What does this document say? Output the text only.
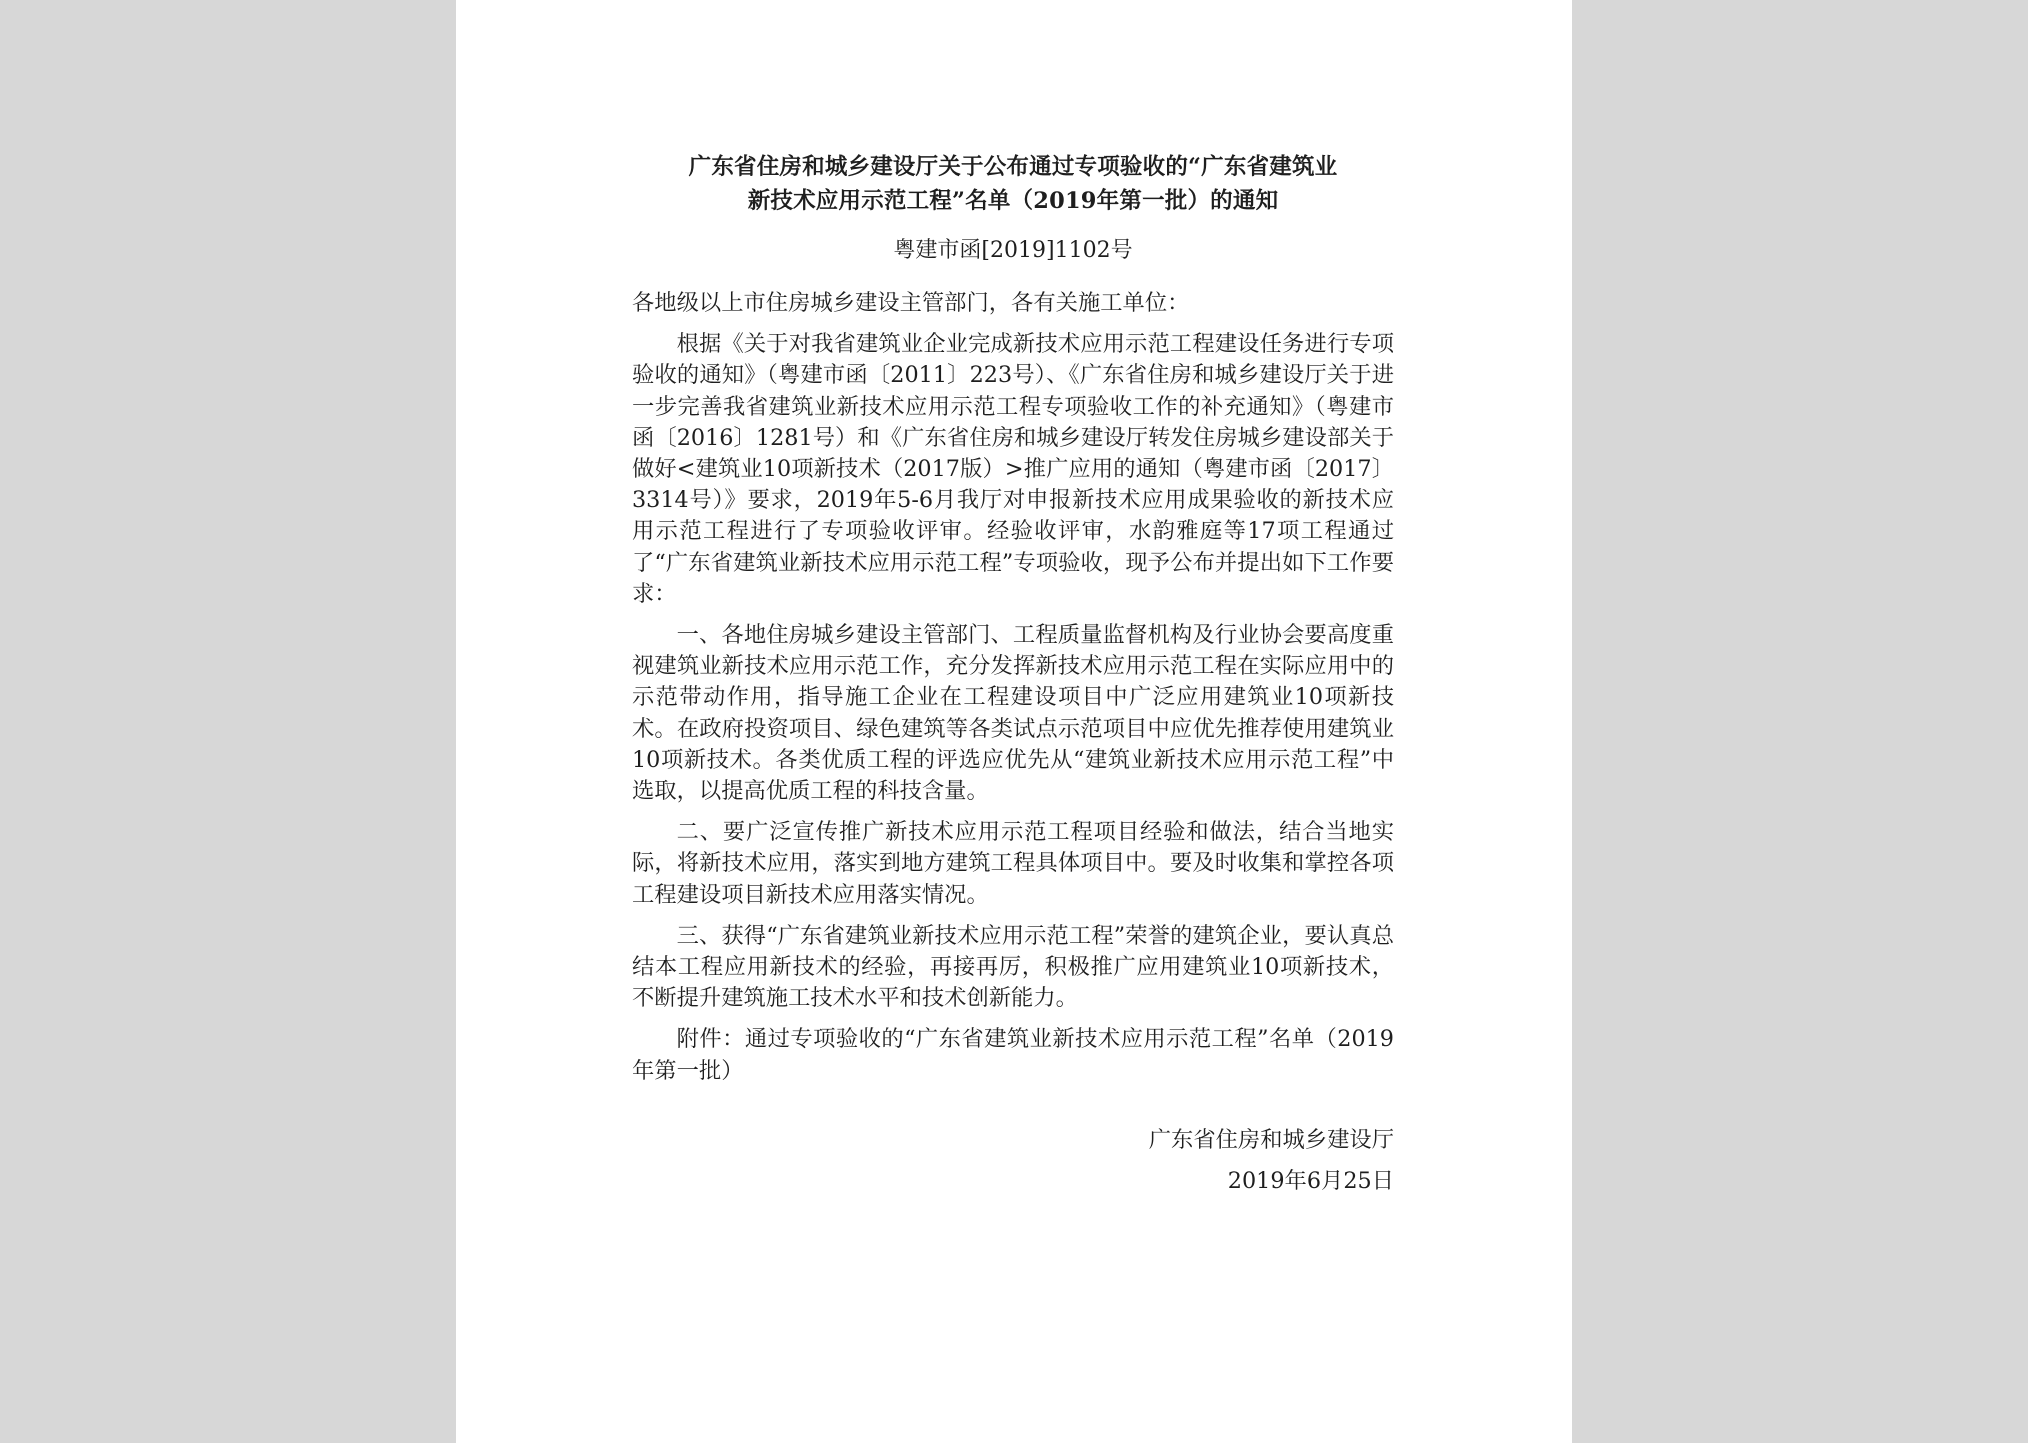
广东省住房和城乡建设厅关于公布通过专项验收的“广东省建筑业
新技术应用示范工程”名单（2019年第一批）的通知
粤建市函[2019]1102号

各地级以上市住房城乡建设主管部门，各有关施工单位：

根据《关于对我省建筑业企业完成新技术应用示范工程建设任务进行专项验收的通知》（粤建市函〔2011〕223号）、《广东省住房和城乡建设厅关于进一步完善我省建筑业新技术应用示范工程专项验收工作的补充通知》（粤建市函〔2016〕1281号）和《广东省住房和城乡建设厅转发住房城乡建设部关于做好<建筑业10项新技术（2017版）>推广应用的通知（粤建市函〔2017〕3314号）》要求，2019年5-6月我厅对申报新技术应用成果验收的新技术应用示范工程进行了专项验收评审。经验收评审，水韵雅庭等17项工程通过了“广东省建筑业新技术应用示范工程”专项验收，现予公布并提出如下工作要求：

一、各地住房城乡建设主管部门、工程质量监督机构及行业协会要高度重视建筑业新技术应用示范工作，充分发挥新技术应用示范工程在实际应用中的示范带动作用，指导施工企业在工程建设项目中广泛应用建筑业10项新技术。在政府投资项目、绿色建筑等各类试点示范项目中应优先推荐使用建筑业10项新技术。各类优质工程的评选应优先从“建筑业新技术应用示范工程”中选取，以提高优质工程的科技含量。

二、要广泛宣传推广新技术应用示范工程项目经验和做法，结合当地实际，将新技术应用，落实到地方建筑工程具体项目中。要及时收集和掌控各项工程建设项目新技术应用落实情况。

三、获得“广东省建筑业新技术应用示范工程”荣誉的建筑企业，要认真总结本工程应用新技术的经验，再接再厉，积极推广应用建筑业10项新技术，不断提升建筑施工技术水平和技术创新能力。

附件：通过专项验收的“广东省建筑业新技术应用示范工程”名单（2019年第一批）

广东省住房和城乡建设厅
2019年6月25日
